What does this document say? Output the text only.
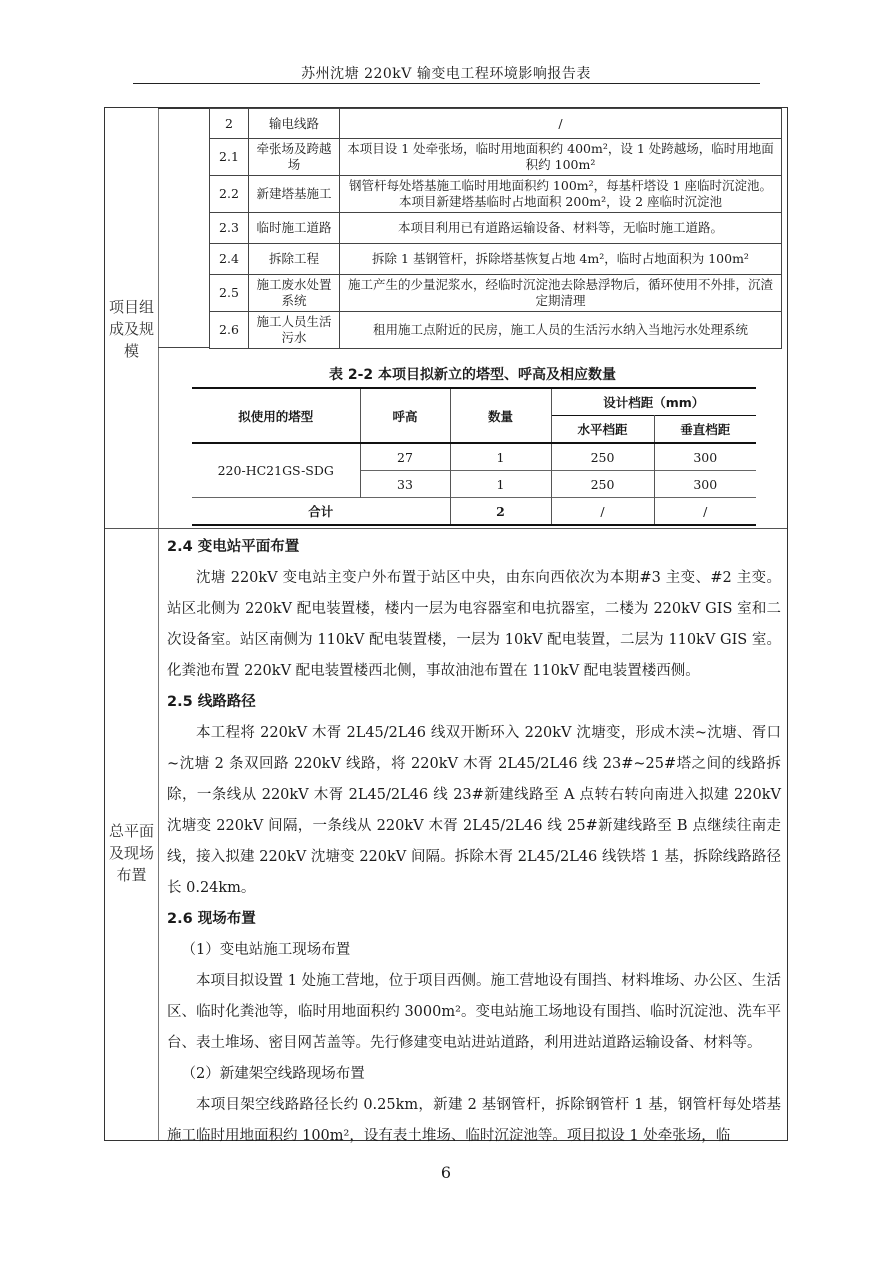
苏州沈塘 220kV 输变电工程环境影响报告表
项目组成及规模
总平面及现场布置
2	输电线路	/
2.1	牵张场及跨越场	本项目设 1 处牵张场，临时用地面积约 400m²，设 1 处跨越场，临时用地面积约 100m²
2.2	新建塔基施工	钢管杆每处塔基施工临时用地面积约 100m²，每基杆塔设 1 座临时沉淀池。本项目新建塔基临时占地面积 200m²，设 2 座临时沉淀池
2.3	临时施工道路	本项目利用已有道路运输设备、材料等，无临时施工道路。
2.4	拆除工程	拆除 1 基钢管杆，拆除塔基恢复占地 4m²，临时占地面积为 100m²
2.5	施工废水处置系统	施工产生的少量泥浆水，经临时沉淀池去除悬浮物后，循环使用不外排，沉渣定期清理
2.6	施工人员生活污水	租用施工点附近的民房，施工人员的生活污水纳入当地污水处理系统
表 2-2 本项目拟新立的塔型、呼高及相应数量
拟使用的塔型	呼高	数量	设计档距（mm）	
			水平档距	垂直档距
220-HC21GS-SDG	27	1	250	300
	33	1	250	300
合计		2	/	/
2.4 变电站平面布置

沈塘 220kV 变电站主变户外布置于站区中央，由东向西依次为本期#3 主变、#2 主变。站区北侧为 220kV 配电装置楼，楼内一层为电容器室和电抗器室，二楼为 220kV GIS 室和二次设备室。站区南侧为 110kV 配电装置楼，一层为 10kV 配电装置，二层为 110kV GIS 室。化粪池布置 220kV 配电装置楼西北侧，事故油池布置在 110kV 配电装置楼西侧。

2.5 线路路径

本工程将 220kV 木胥 2L45/2L46 线双开断环入 220kV 沈塘变，形成木渎~沈塘、胥口~沈塘 2 条双回路 220kV 线路，将 220kV 木胥 2L45/2L46 线 23#~25#塔之间的线路拆除，一条线从 220kV 木胥 2L45/2L46 线 23#新建线路至 A 点转右转向南进入拟建 220kV 沈塘变 220kV 间隔，一条线从 220kV 木胥 2L45/2L46 线 25#新建线路至 B 点继续往南走线，接入拟建 220kV 沈塘变 220kV 间隔。拆除木胥 2L45/2L46 线铁塔 1 基，拆除线路路径长 0.24km。

2.6 现场布置

（1）变电站施工现场布置

本项目拟设置 1 处施工营地，位于项目西侧。施工营地设有围挡、材料堆场、办公区、生活区、临时化粪池等，临时用地面积约 3000m²。变电站施工场地设有围挡、临时沉淀池、洗车平台、表土堆场、密目网苫盖等。先行修建变电站进站道路，利用进站道路运输设备、材料等。

（2）新建架空线路现场布置

本项目架空线路路径长约 0.25km，新建 2 基钢管杆，拆除钢管杆 1 基，钢管杆每处塔基施工临时用地面积约 100m²，设有表土堆场、临时沉淀池等。项目拟设 1 处牵张场，临

6
